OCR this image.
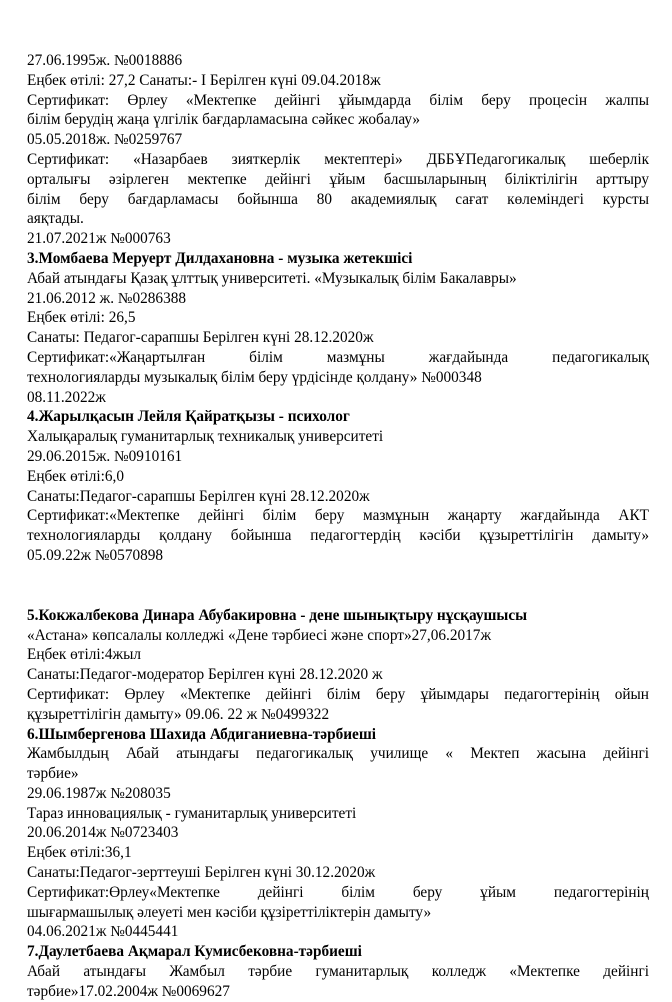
27.06.1995ж. №0018886

Еңбек өтілі: 27,2 Санаты:- I Берілген күні 09.04.2018ж

Сертификат: Өрлеу «Мектепке дейінгі ұйымдарда білім беру процесін жалпы

білім берудің жаңа үлгілік бағдарламасына сәйкес жобалау»

05.05.2018ж. №0259767

Сертификат: «Назарбаев зияткерлік мектептері» ДББҰПедагогикалық шеберлік

орталығы әзірлеген мектепке дейінгі ұйым басшыларының біліктілігін арттыру

білім беру бағдарламасы бойынша 80 академиялық сағат көлеміндегі курсты

аяқтады.

21.07.2021ж №000763

3.Момбаева Меруерт Дилдахановна - музыка жетекшісі

Абай атындағы Қазақ ұлттық университеті. «Музыкалық білім Бакалавры»

21.06.2012 ж. №0286388

Еңбек өтілі: 26,5

Санаты: Педагог-сарапшы Берілген күні 28.12.2020ж

Сертификат:«Жаңартылған білім мазмұны жағдайында педагогикалық

технологияларды музыкалық білім беру үрдісінде қолдану» №000348

08.11.2022ж

4.Жарылқасын Лейля Қайратқызы - психолог

Халықаралық гуманитарлық техникалық университеті

29.06.2015ж. №0910161

Еңбек өтілі:6,0

Санаты:Педагог-сарапшы Берілген күні 28.12.2020ж

Сертификат:«Мектепке дейінгі білім беру мазмұнын жаңарту жағдайында АКТ

технологияларды қолдану бойынша педагогтердің кәсіби құзыреттілігін дамыту»

05.09.22ж №0570898

5.Кокжалбекова Динара Абубакировна - дене шынықтыру нұсқаушысы

«Астана» көпсалалы колледжі «Дене тәрбиесі және спорт»27,06.2017ж

Еңбек өтілі:4жыл

Санаты:Педагог-модератор Берілген күні 28.12.2020 ж

Сертификат: Өрлеу «Мектепке дейінгі білім беру ұйымдары педагогтерінің ойын

құзыреттілігін дамыту» 09.06. 22 ж №0499322

6.Шымбергенова Шахида Абдиганиевна-тәрбиеші

Жамбылдың Абай атындағы педагогикалық училище « Мектеп жасына дейінгі

тәрбие»

29.06.1987ж №208035

Тараз инновациялық - гуманитарлық университеті

20.06.2014ж №0723403

Еңбек өтілі:36,1

Санаты:Педагог-зерттеуші Берілген күні 30.12.2020ж

Сертификат:Өрлеу«Мектепке дейінгі білім беру ұйым педагогтерінің

шығармашылық әлеуеті мен кәсіби құзіреттіліктерін дамыту»

04.06.2021ж №0445441

7.Даулетбаева Ақмарал Кумисбековна-тәрбиеші

Абай атындағы Жамбыл тәрбие гуманитарлық колледж «Мектепке дейінгі

тәрбие»17.02.2004ж №0069627
